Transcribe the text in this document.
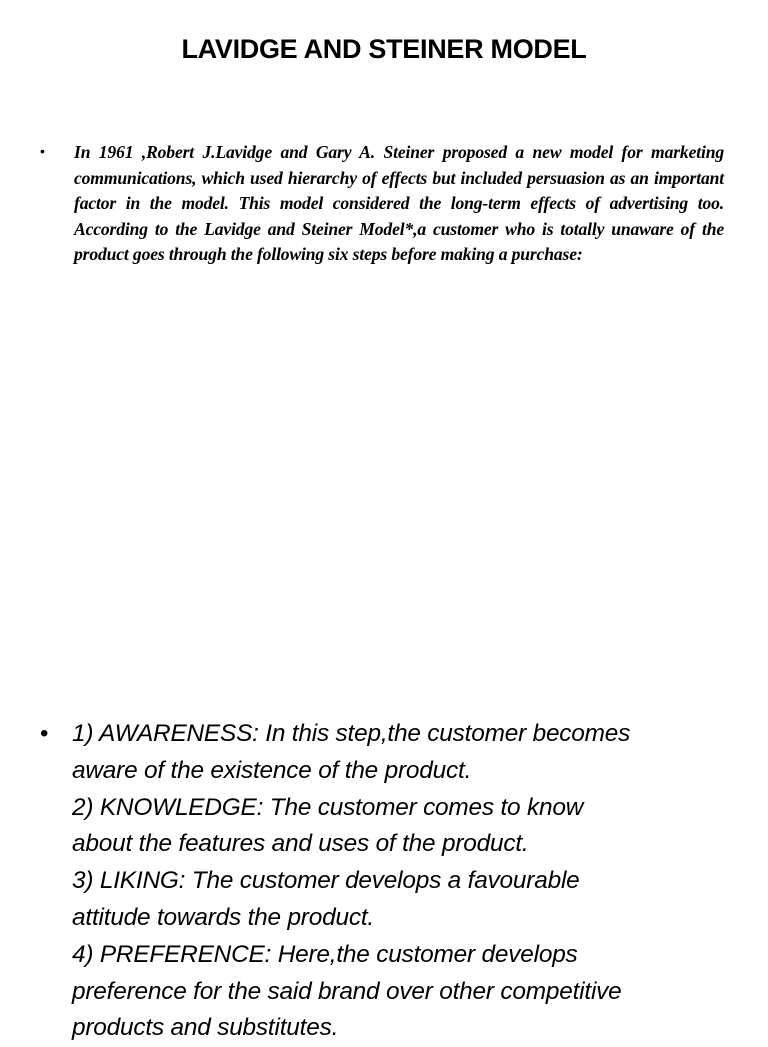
LAVIDGE AND STEINER MODEL
•	In 1961 ,Robert J.Lavidge and Gary A. Steiner proposed a new model for marketing communications, which used hierarchy of effects but included persuasion as an important factor in the model. This model considered the long-term effects of advertising too. According to the Lavidge and Steiner Model*,a customer who is totally unaware of the product goes through the following six steps before making a purchase:

• 1) AWARENESS: In this step,the customer becomes
aware of the existence of the product.
2) KNOWLEDGE: The customer comes to know
about the features and uses of the product.
3) LIKING: The customer develops a favourable
attitude towards the product.
4) PREFERENCE: Here,the customer develops
preference for the said brand over other competitive
products and substitutes.
